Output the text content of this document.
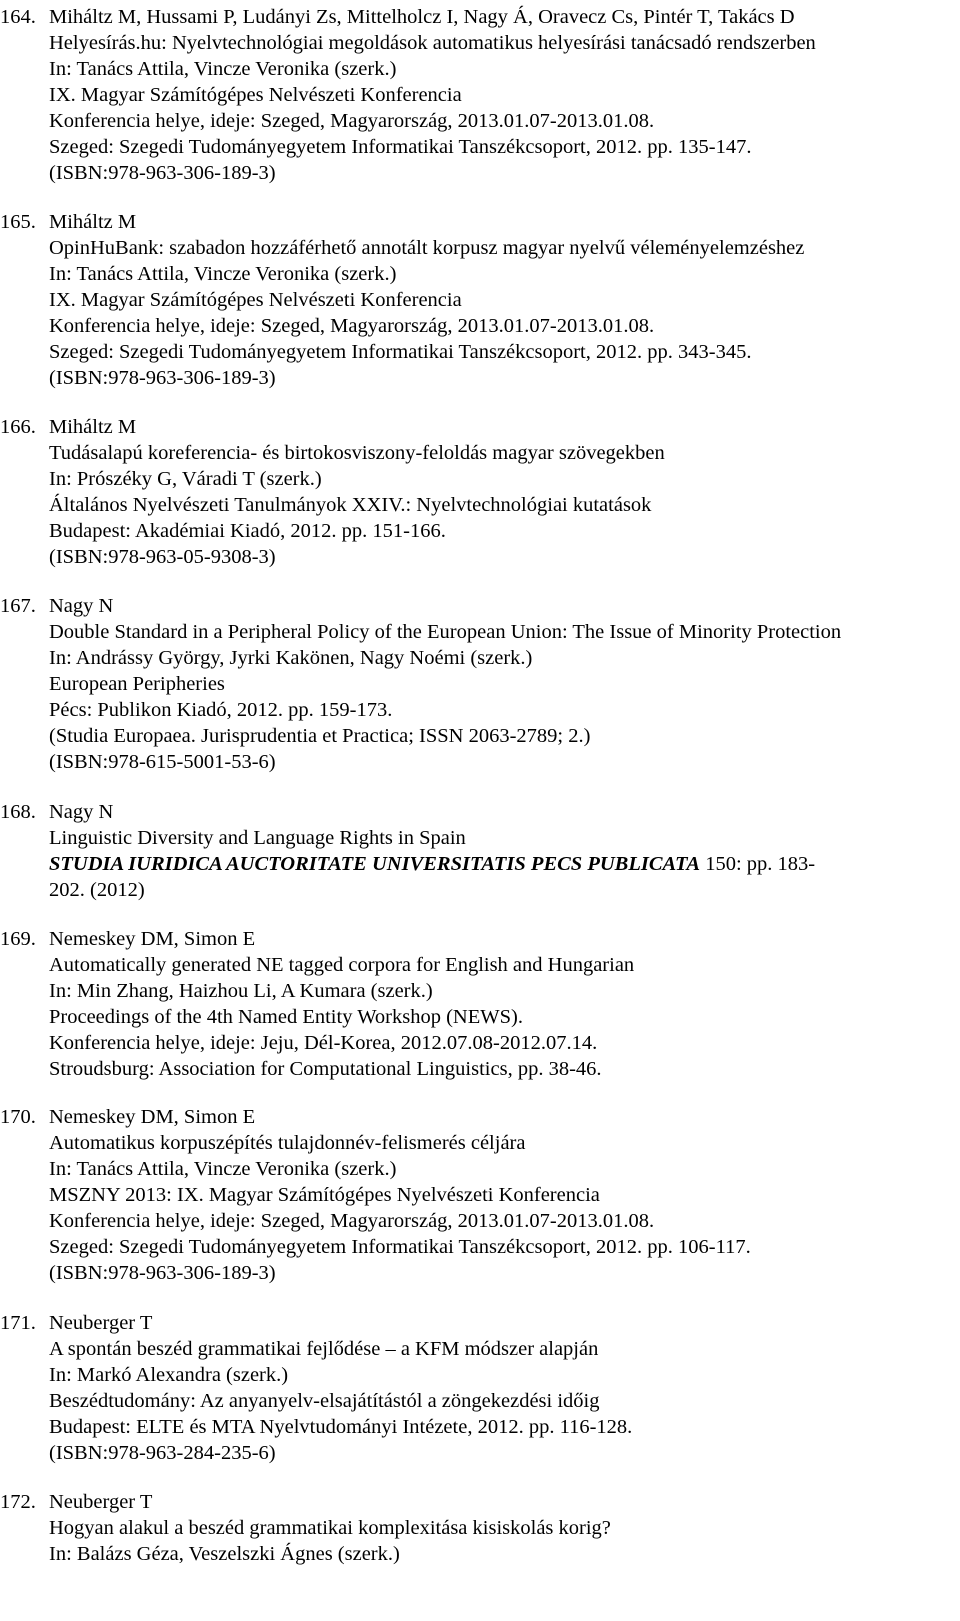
164. Miháltz M, Hussami P, Ludányi Zs, Mittelholcz I, Nagy Á, Oravecz Cs, Pintér T, Takács D
Helyesírás.hu: Nyelvtechnológiai megoldások automatikus helyesírási tanácsadó rendszerben
In: Tanács Attila, Vincze Veronika (szerk.)
IX. Magyar Számítógépes Nelvészeti Konferencia
Konferencia helye, ideje: Szeged, Magyarország, 2013.01.07-2013.01.08.
Szeged: Szegedi Tudományegyetem Informatikai Tanszékcsoport, 2012. pp. 135-147.
(ISBN:978-963-306-189-3)
165. Miháltz M
OpinHuBank: szabadon hozzáférhető annotált korpusz magyar nyelvű véleményelemzéshez
In: Tanács Attila, Vincze Veronika (szerk.)
IX. Magyar Számítógépes Nelvészeti Konferencia
Konferencia helye, ideje: Szeged, Magyarország, 2013.01.07-2013.01.08.
Szeged: Szegedi Tudományegyetem Informatikai Tanszékcsoport, 2012. pp. 343-345.
(ISBN:978-963-306-189-3)
166. Miháltz M
Tudásalapú koreferencia- és birtokosviszony-feloldás magyar szövegekben
In: Prószéky G, Váradi T (szerk.)
Általános Nyelvészeti Tanulmányok XXIV.: Nyelvtechnológiai kutatások
Budapest: Akadémiai Kiadó, 2012. pp. 151-166.
(ISBN:978-963-05-9308-3)
167. Nagy N
Double Standard in a Peripheral Policy of the European Union: The Issue of Minority Protection
In: Andrássy György, Jyrki Kakönen, Nagy Noémi (szerk.)
European Peripheries
Pécs: Publikon Kiadó, 2012. pp. 159-173.
(Studia Europaea. Jurisprudentia et Practica; ISSN 2063-2789; 2.)
(ISBN:978-615-5001-53-6)
168. Nagy N
Linguistic Diversity and Language Rights in Spain
STUDIA IURIDICA AUCTORITATE UNIVERSITATIS PECS PUBLICATA 150: pp. 183-
202. (2012)
169. Nemeskey DM, Simon E
Automatically generated NE tagged corpora for English and Hungarian
In: Min Zhang, Haizhou Li, A Kumara (szerk.)
Proceedings of the 4th Named Entity Workshop (NEWS).
Konferencia helye, ideje: Jeju, Dél-Korea, 2012.07.08-2012.07.14.
Stroudsburg: Association for Computational Linguistics, pp. 38-46.
170. Nemeskey DM, Simon E
Automatikus korpuszépítés tulajdonnév-felismerés céljára
In: Tanács Attila, Vincze Veronika (szerk.)
MSZNY 2013: IX. Magyar Számítógépes Nyelvészeti Konferencia
Konferencia helye, ideje: Szeged, Magyarország, 2013.01.07-2013.01.08.
Szeged: Szegedi Tudományegyetem Informatikai Tanszékcsoport, 2012. pp. 106-117.
(ISBN:978-963-306-189-3)
171. Neuberger T
A spontán beszéd grammatikai fejlődése – a KFM módszer alapján
In: Markó Alexandra (szerk.)
Beszédtudomány: Az anyanyelv-elsajátítástól a zöngekezdési időig
Budapest: ELTE és MTA Nyelvtudományi Intézete, 2012. pp. 116-128.
(ISBN:978-963-284-235-6)
172. Neuberger T
Hogyan alakul a beszéd grammatikai komplexitása kisiskolás korig?
In: Balázs Géza, Veszelszki Ágnes (szerk.)
